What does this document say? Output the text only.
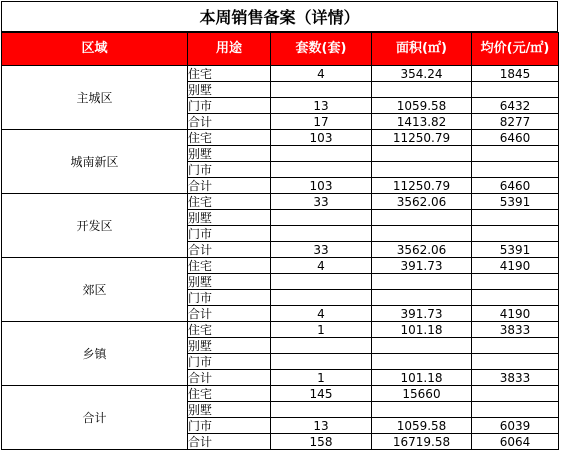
本周销售备案（详情）
区域	用途	套数(套)	面积(㎡)	均价(元/㎡)
主城区	住宅	4	354.24	1845
	别墅			
	门市	13	1059.58	6432
	合计	17	1413.82	8277
城南新区	住宅	103	11250.79	6460
	别墅			
	门市			
	合计	103	11250.79	6460
开发区	住宅	33	3562.06	5391
	别墅			
	门市			
	合计	33	3562.06	5391
郊区	住宅	4	391.73	4190
	别墅			
	门市			
	合计	4	391.73	4190
乡镇	住宅	1	101.18	3833
	别墅			
	门市			
	合计	1	101.18	3833
合计	住宅	145	15660	
	别墅			
	门市	13	1059.58	6039
	合计	158	16719.58	6064
